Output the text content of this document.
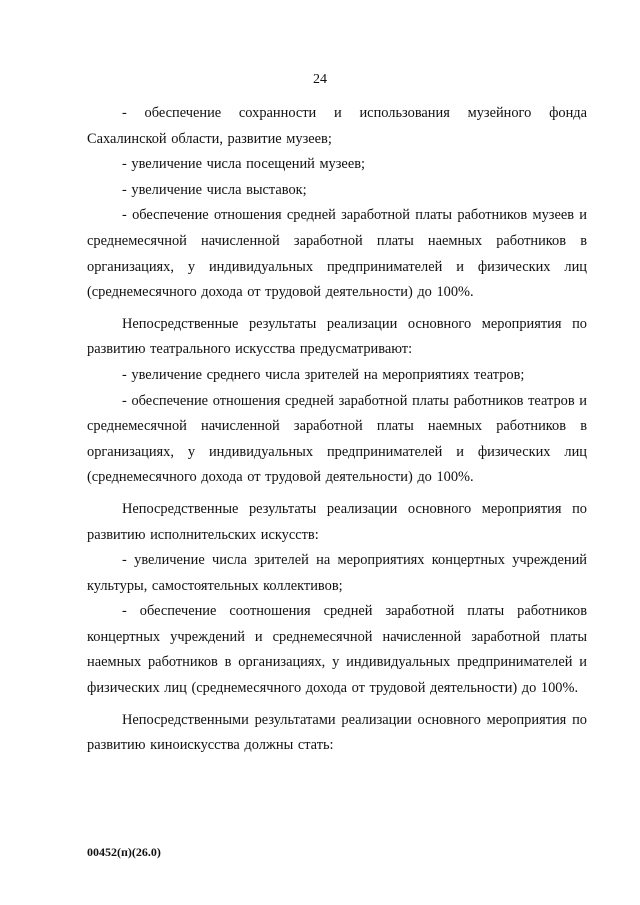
24

- обеспечение сохранности и использования музейного фонда Сахалинской области, развитие музеев;

- увеличение числа посещений музеев;

- увеличение числа выставок;

- обеспечение отношения средней заработной платы работников музеев и среднемесячной начисленной заработной платы наемных работников в организациях, у индивидуальных предпринимателей и физических лиц (среднемесячного дохода от трудовой деятельности) до 100%.

Непосредственные результаты реализации основного мероприятия по развитию театрального искусства предусматривают:

- увеличение среднего числа зрителей на мероприятиях театров;

- обеспечение отношения средней заработной платы работников театров и среднемесячной начисленной заработной платы наемных работников в организациях, у индивидуальных предпринимателей и физических лиц (среднемесячного дохода от трудовой деятельности) до 100%.

Непосредственные результаты реализации основного мероприятия по развитию исполнительских искусств:

- увеличение числа зрителей на мероприятиях концертных учреждений культуры, самостоятельных коллективов;

- обеспечение соотношения средней заработной платы работников концертных учреждений и среднемесячной начисленной заработной платы наемных работников в организациях, у индивидуальных предпринимателей и физических лиц (среднемесячного дохода от трудовой деятельности) до 100%.

Непосредственными результатами реализации основного мероприятия по развитию киноискусства должны стать:

00452(п)(26.0)
